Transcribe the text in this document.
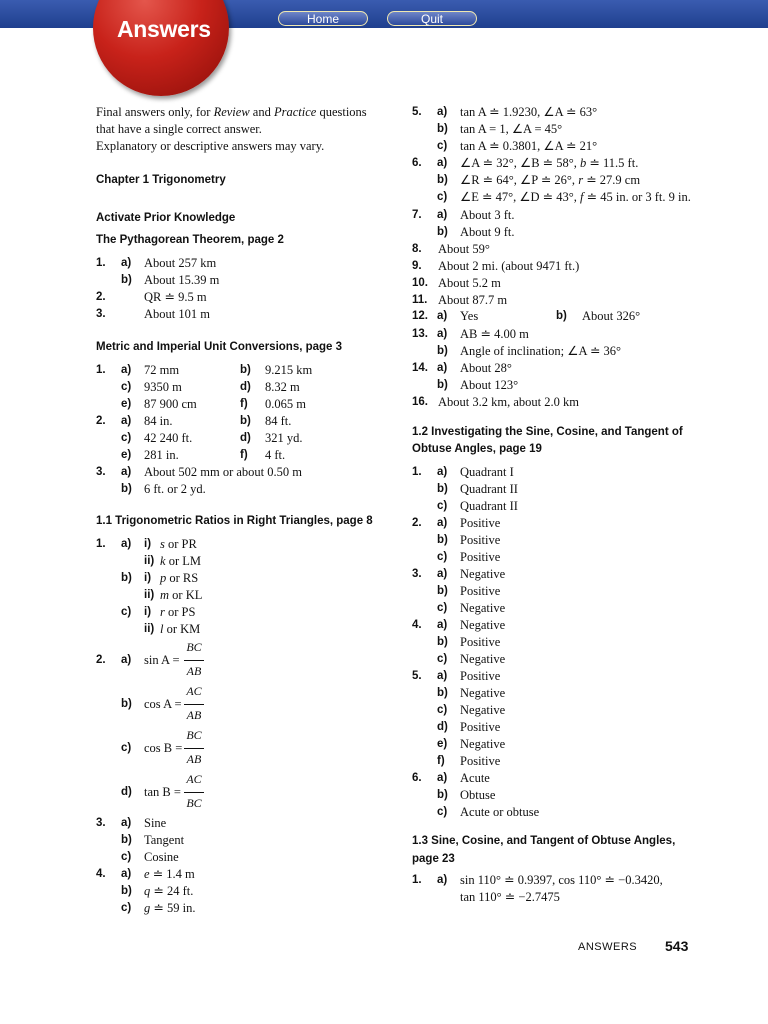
Home	Quit
Answers
Final answers only, for Review and Practice questions
that have a single correct answer.
Explanatory or descriptive answers may vary.
Chapter 1 Trigonometry
Activate Prior Knowledge
The Pythagorean Theorem, page 2
Metric and Imperial Unit Conversions, page 3
1.1 Trigonometric Ratios in Right Triangles, page 8
1.2 Investigating the Sine, Cosine, and Tangent of
Obtuse Angles, page 19
1.3 Sine, Cosine, and Tangent of Obtuse Angles,
page 23
1. a) About 257 km
b) About 15.39 m
2.	QR ≐ 9.5 m
3.	About 101 m
1. a) 72 mm	b) 9.215 km
c) 9350 m	d) 8.32 m
e) 87 900 cm	f) 0.065 m
2. a) 84 in.	b) 84 ft.
c) 42 240 ft.	d) 321 yd.
e) 281 in.	f) 4 ft.
3. a) About 502 mm or about 0.50 m
b) 6 ft. or 2 yd.
1. a) i) s or PR
ii) k or LM
b) i) p or RS
ii) m or KL
c) i) r or PS
ii) l or KM
2. a) sin A =
BC
AB
b) cos A =
AC
AB
c) cos B =
BC
AB
d) tan B =
AC
BC
3. a) Sine
b) Tangent
c) Cosine
4. a) e ≐ 1.4 m
b) q ≐ 24 ft.
c) g ≐ 59 in.
5. a) tan A ≐ 1.9230, ∠A ≐ 63°
b) tan A = 1, ∠A = 45°
c) tan A ≐ 0.3801, ∠A ≐ 21°
6. a) ∠A ≐ 32°, ∠B ≐ 58°, b ≐ 11.5 ft.
b) ∠R ≐ 64°, ∠P ≐ 26°, r ≐ 27.9 cm
c) ∠E ≐ 47°, ∠D ≐ 43°, f ≐ 45 in. or 3 ft. 9 in.
7. a) About 3 ft.
b) About 9 ft.
8. About 59°
9. About 2 mi. (about 9471 ft.)
10. About 5.2 m
11. About 87.7 m
12. a) Yes	b) About 326°
13. a) AB ≐ 4.00 m
b) Angle of inclination; ∠A ≐ 36°
14. a) About 28°
b) About 123°
16. About 3.2 km, about 2.0 km
1. a) Quadrant I
b) Quadrant II
c) Quadrant II
2. a) Positive
b) Positive
c) Positive
3. a) Negative
b) Positive
c) Negative
4. a) Negative
b) Positive
c) Negative
5. a) Positive
b) Negative
c) Negative
d) Positive
e) Negative
f) Positive
6. a) Acute
b) Obtuse
c) Acute or obtuse
1. a) sin 110° ≐ 0.9397, cos 110° ≐ −0.3420,
tan 110° ≐ −2.7475
ANSWERS 543
